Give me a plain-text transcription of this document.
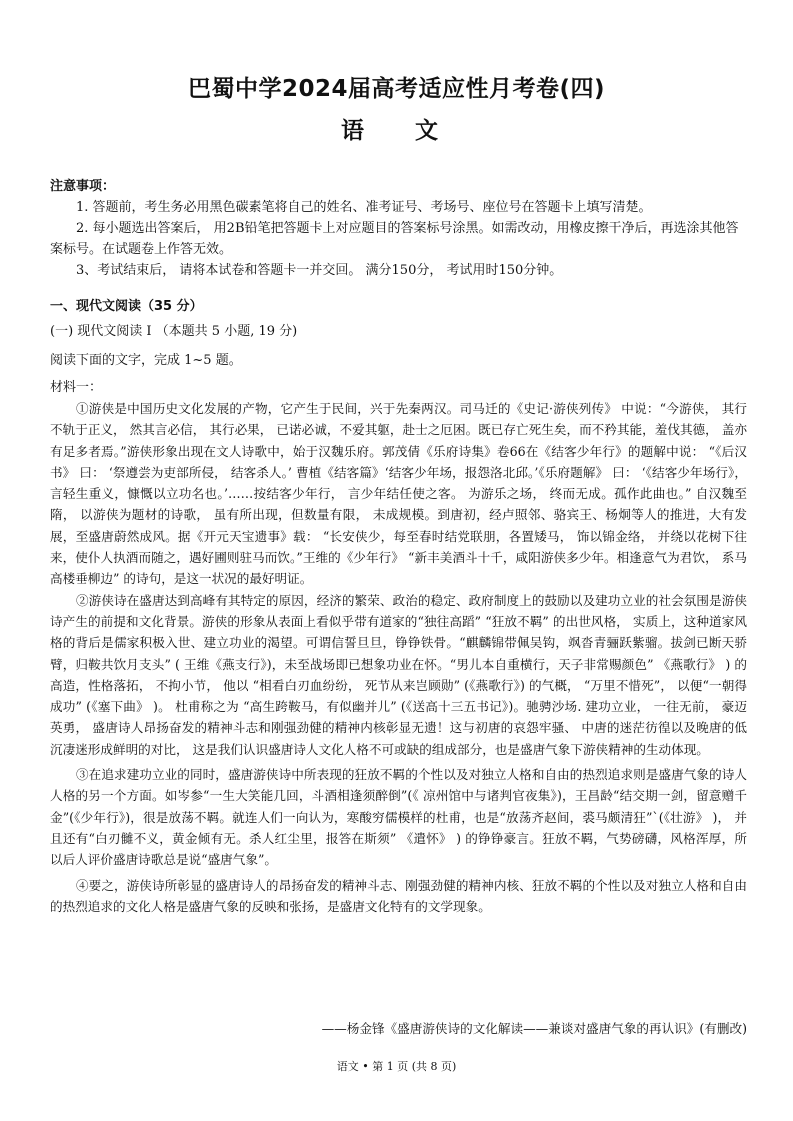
巴蜀中学2024届高考适应性月考卷(四)
语　文
注意事项：

1. 答题前，考生务必用黑色碳素笔将自己的姓名、准考证号、考场号、座位号在答题卡上填写清楚。

2. 每小题选出答案后， 用2B铅笔把答题卡上对应题目的答案标号涂黑。如需改动，用橡皮擦干净后，再选涂其他答案标号。在试题卷上作答无效。

3、考试结束后， 请将本试卷和答题卡一并交回。 满分150分， 考试用时150分钟。

一、现代文阅读（35 分）
(一) 现代文阅读 I （本题共 5 小题, 19 分)
阅读下面的文字，完成 1~5 题。
材料一：

①游侠是中国历史文化发展的产物，它产生于民间，兴于先秦两汉。司马迁的《史记·游侠列传》 中说：“今游侠， 其行不轨于正义， 然其言必信， 其行必果， 已诺必诚，不爱其躯，赴士之厄困。既已存亡死生矣，而不矜其能，羞伐其德， 盖亦有足多者焉。”游侠形象出现在文人诗歌中，始于汉魏乐府。郭茂倩《乐府诗集》卷66在《结客少年行》的题解中说： “《后汉书》 曰： ‘祭遵尝为吏部所侵， 结客杀人。’ 曹植《结客篇》‘结客少年场，报怨洛北邱。’《乐府题解》 曰： ‘《结客少年场行》，言轻生重义，慷慨以立功名也。’……按结客少年行， 言少年结任使之客。 为游乐之场， 终而无成。孤作此曲也。” 自汉魏至隋， 以游侠为题材的诗歌， 虽有所出现，但数量有限， 未成规模。到唐初，经卢照邻、骆宾王、杨炯等人的推进，大有发展，至盛唐蔚然成风。据《开元天宝遗事》载： “长安侠少，每至春时结党联朋，各置矮马， 饰以锦金络， 并绕以花树下往来，使仆人执酒而随之，遇好圃则驻马而饮。”王维的《少年行》 “新丰美酒斗十千，咸阳游侠多少年。相逢意气为君饮， 系马高楼垂柳边” 的诗句，是这一状况的最好明证。

②游侠诗在盛唐达到高峰有其特定的原因，经济的繁荣、政治的稳定、政府制度上的鼓励以及建功立业的社会氛围是游侠诗产生的前提和文化背景。游侠的形象从表面上看似乎带有道家的“独往高蹈” “狂放不羁” 的出世风格， 实质上，这种道家风格的背后是儒家积极入世、建立功业的渴望。可谓信誓旦旦，铮铮铁骨。“麒麟锦带佩吴钩，飒沓青骊跃紫骝。拔剑已断天骄臂，归鞍共饮月支头” ( 王维《燕支行》)，未至战场即已想象功业在怀。“男儿本自重横行，天子非常赐颜色” 《燕歌行》 ) 的高造，性格落拓， 不拘小节， 他以 “相看白刃血纷纷， 死节从来岂顾勋” (《燕歌行》) 的气概， “万里不惜死”， 以便“一朝得成功” (《塞下曲》 )。 杜甫称之为 “高生跨鞍马，有似幽并儿” (《送高十三五书记》)。驰骋沙场. 建功立业， 一往无前， 豪迈英勇， 盛唐诗人昂扬奋发的精神斗志和刚强劲健的精神内核彰显无遗！这与初唐的哀怨牢骚、 中唐的迷茫彷徨以及晚唐的低沉凄迷形成鲜明的对比， 这是我们认识盛唐诗人文化人格不可或缺的组成部分，也是盛唐气象下游侠精神的生动体现。

③在追求建功立业的同时，盛唐游侠诗中所表现的狂放不羁的个性以及对独立人格和自由的热烈追求则是盛唐气象的诗人人格的另一个方面。如岑参“一生大笑能几回，斗酒相逢须醉倒”(《 凉州馆中与诸判官夜集》)，王昌龄“结交期一剑，留意赠千金”(《少年行》)，很是放荡不羁。就连人们一向认为，寒酸穷儒模样的杜甫，也是“放荡齐赵间，裘马颇清狂”`(《壮游》 )， 并且还有“白刃雠不义，黄金倾有无。杀人红尘里，报答在斯须” 《遣怀》 ) 的铮铮豪言。狂放不羁，气势磅礴，风格浑厚，所以后人评价盛唐诗歌总是说“盛唐气象”。

④要之，游侠诗所彰显的盛唐诗人的昂扬奋发的精神斗志、刚强劲健的精神内核、狂放不羁的个性以及对独立人格和自由的热烈追求的文化人格是盛唐气象的反映和张扬，是盛唐文化特有的文学现象。

——杨金锋《盛唐游侠诗的文化解读——兼谈对盛唐气象的再认识》(有删改)
语文 • 第 1 页 (共 8 页)
